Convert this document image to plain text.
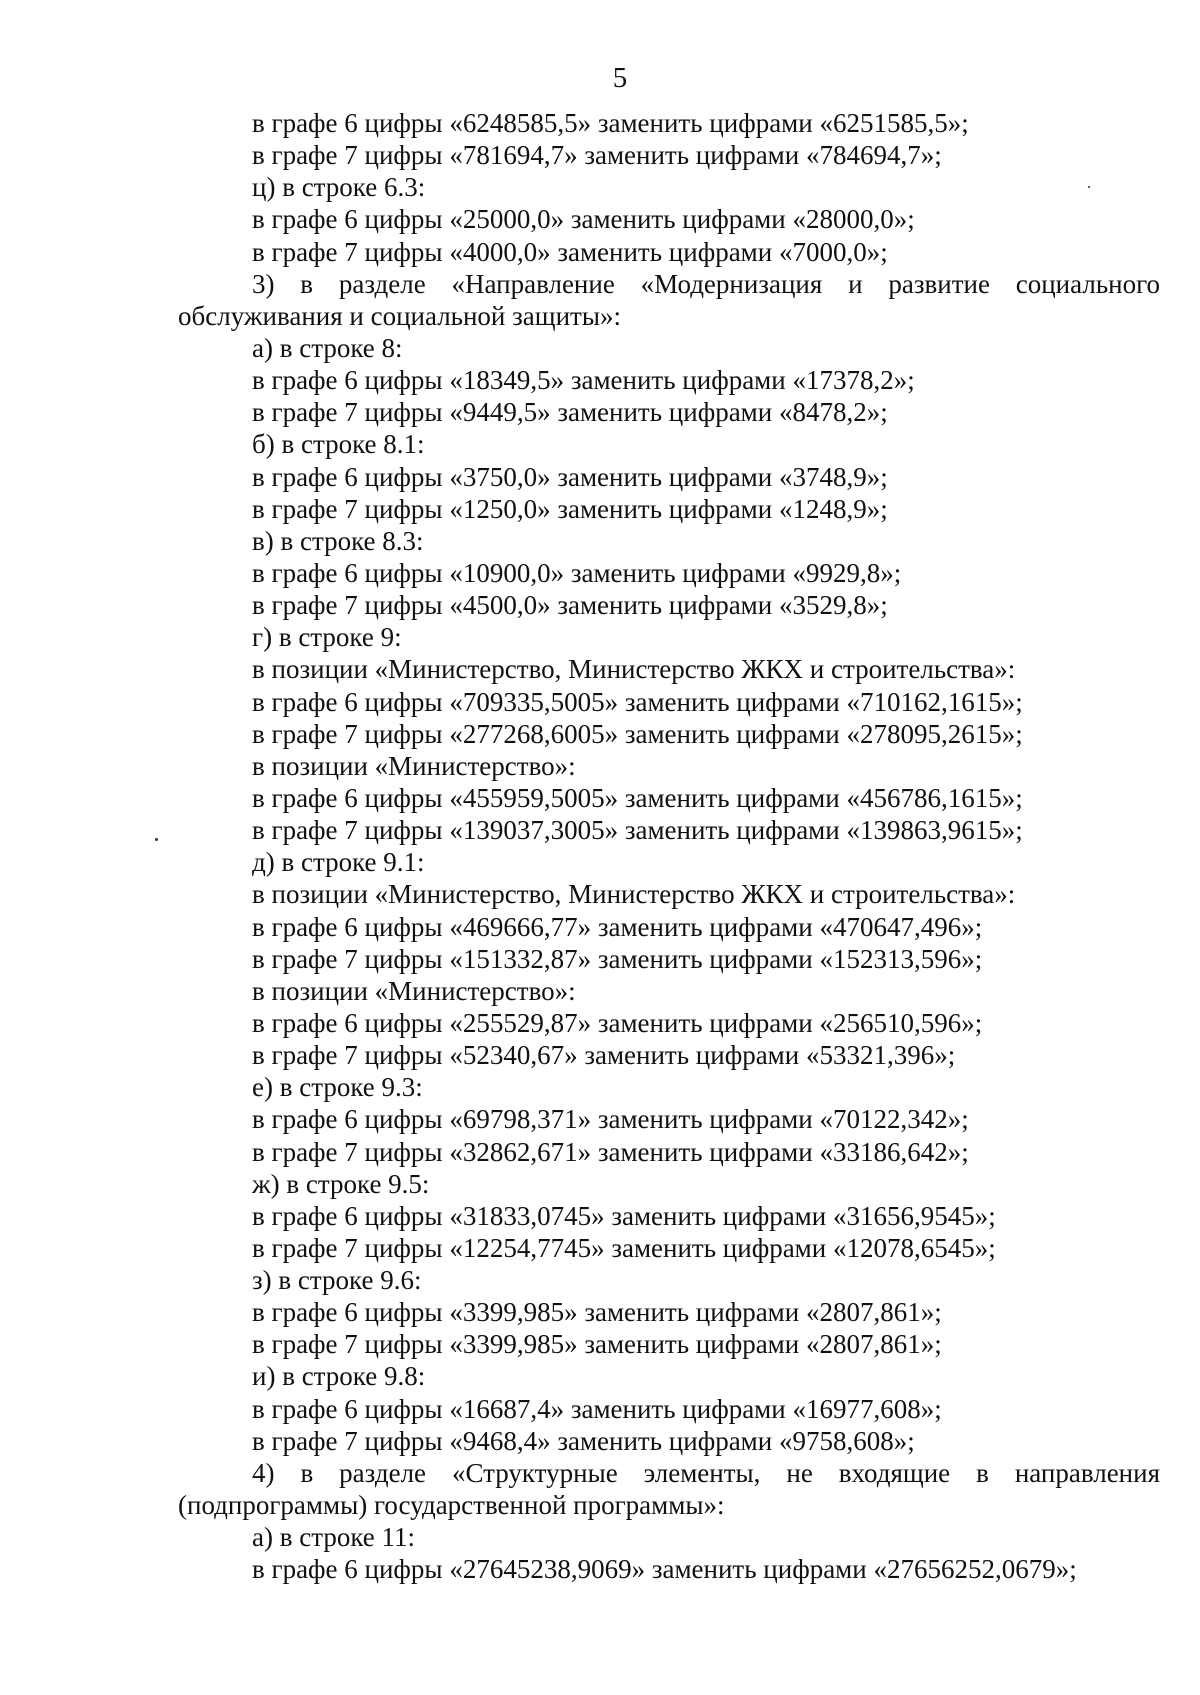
5
в графе 6 цифры «6248585,5» заменить цифрами «6251585,5»;
в графе 7 цифры «781694,7» заменить цифрами «784694,7»;
ц) в строке 6.3:
в графе 6 цифры «25000,0» заменить цифрами «28000,0»;
в графе 7 цифры «4000,0» заменить цифрами «7000,0»;
3) в разделе «Направление «Модернизация и развитие социального
обслуживания и социальной защиты»:
а) в строке 8:
в графе 6 цифры «18349,5» заменить цифрами «17378,2»;
в графе 7 цифры «9449,5» заменить цифрами «8478,2»;
б) в строке 8.1:
в графе 6 цифры «3750,0» заменить цифрами «3748,9»;
в графе 7 цифры «1250,0» заменить цифрами «1248,9»;
в) в строке 8.3:
в графе 6 цифры «10900,0» заменить цифрами «9929,8»;
в графе 7 цифры «4500,0» заменить цифрами «3529,8»;
г) в строке 9:
в позиции «Министерство, Министерство ЖКХ и строительства»:
в графе 6 цифры «709335,5005» заменить цифрами «710162,1615»;
в графе 7 цифры «277268,6005» заменить цифрами «278095,2615»;
в позиции «Министерство»:
в графе 6 цифры «455959,5005» заменить цифрами «456786,1615»;
в графе 7 цифры «139037,3005» заменить цифрами «139863,9615»;
д) в строке 9.1:
в позиции «Министерство, Министерство ЖКХ и строительства»:
в графе 6 цифры «469666,77» заменить цифрами «470647,496»;
в графе 7 цифры «151332,87» заменить цифрами «152313,596»;
в позиции «Министерство»:
в графе 6 цифры «255529,87» заменить цифрами «256510,596»;
в графе 7 цифры «52340,67» заменить цифрами «53321,396»;
е) в строке 9.3:
в графе 6 цифры «69798,371» заменить цифрами «70122,342»;
в графе 7 цифры «32862,671» заменить цифрами «33186,642»;
ж) в строке 9.5:
в графе 6 цифры «31833,0745» заменить цифрами «31656,9545»;
в графе 7 цифры «12254,7745» заменить цифрами «12078,6545»;
з) в строке 9.6:
в графе 6 цифры «3399,985» заменить цифрами «2807,861»;
в графе 7 цифры «3399,985» заменить цифрами «2807,861»;
и) в строке 9.8:
в графе 6 цифры «16687,4» заменить цифрами «16977,608»;
в графе 7 цифры «9468,4» заменить цифрами «9758,608»;
4) в разделе «Структурные элементы, не входящие в направления
(подпрограммы) государственной программы»:
а) в строке 11:
в графе 6 цифры «27645238,9069» заменить цифрами «27656252,0679»;
